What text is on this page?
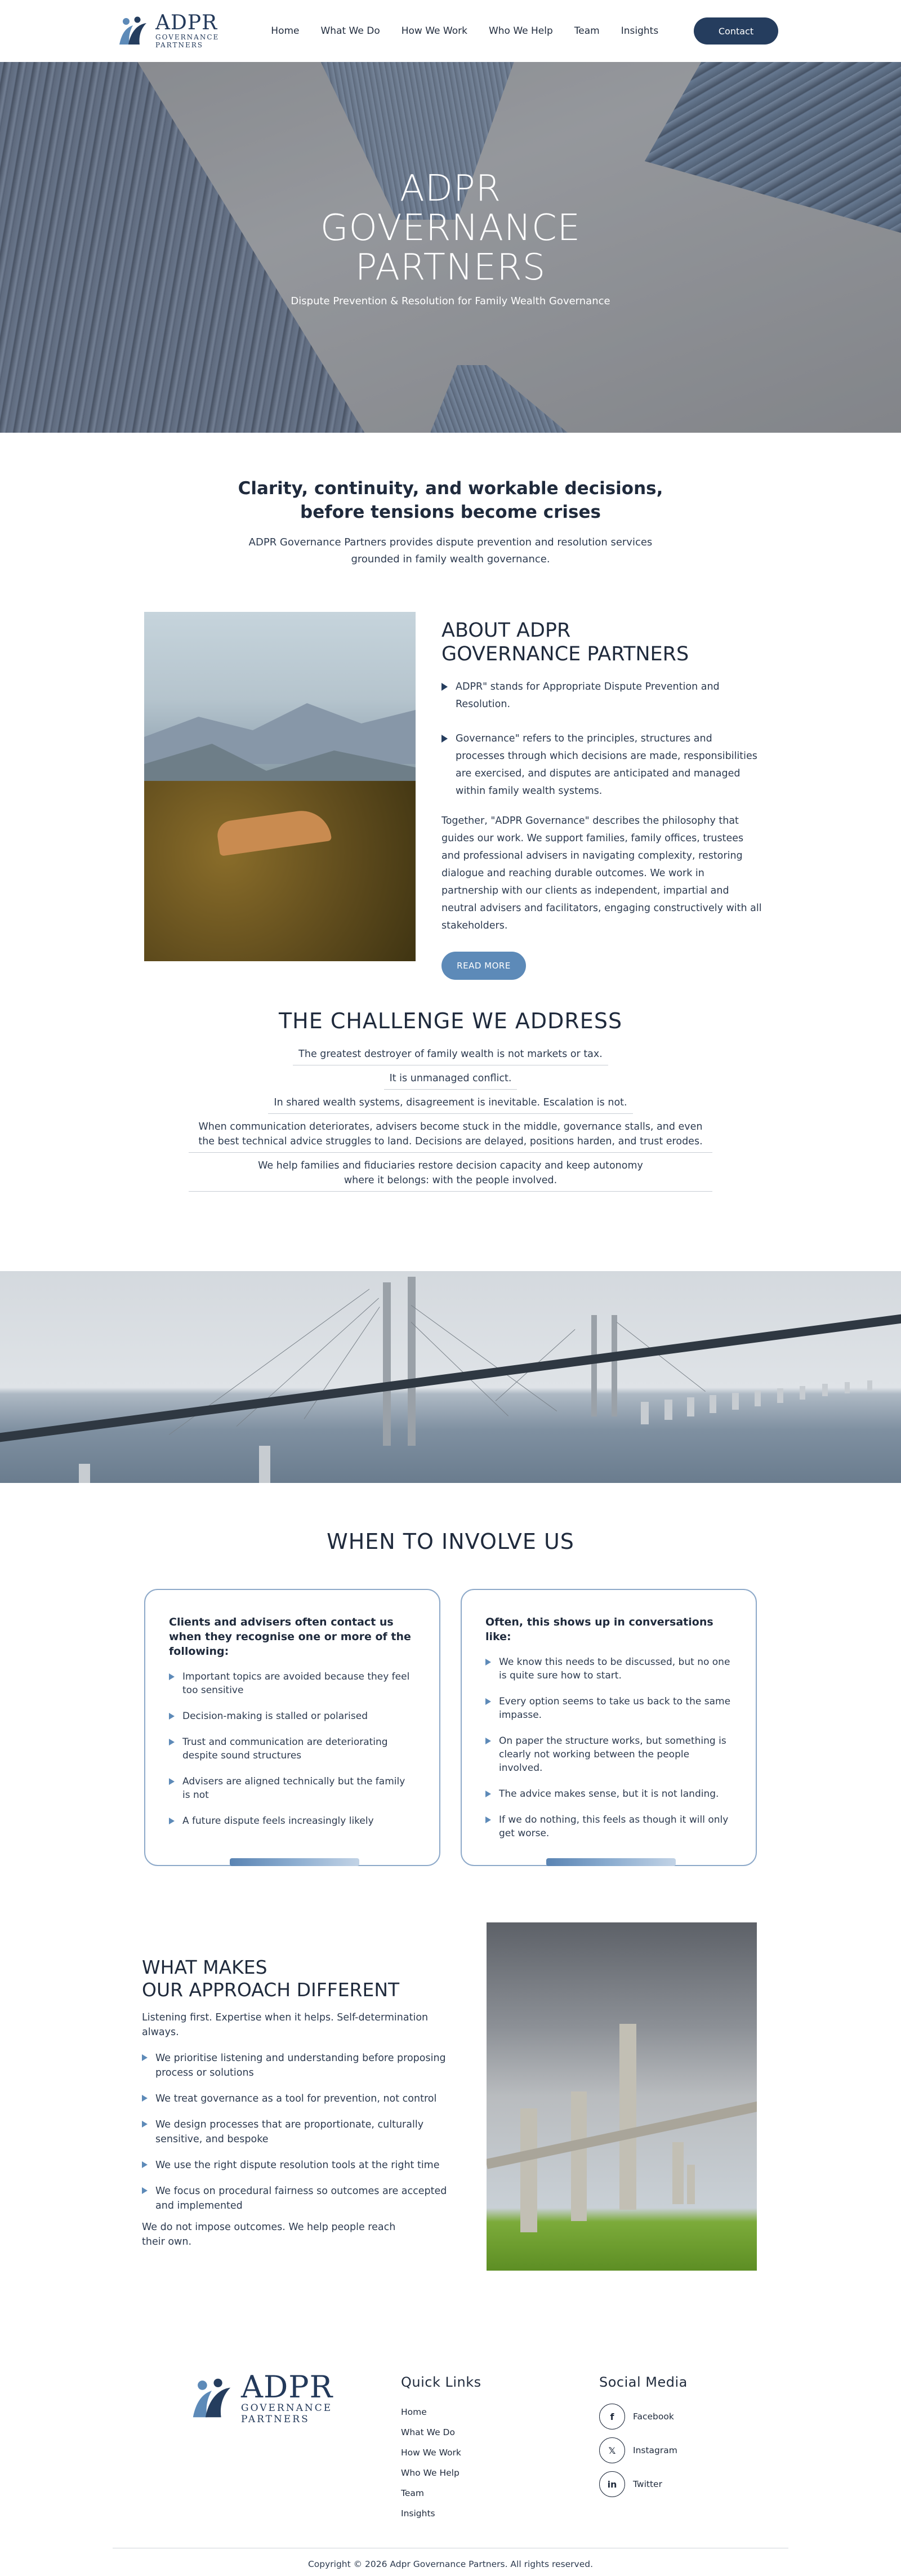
ADPR
GOVERNANCE
PARTNERS
Home What We Do How We Work Who We Help Team Insights	Contact
ADPR
GOVERNANCE
PARTNERS

Dispute Prevention & Resolution for Family Wealth Governance

Clarity, continuity, and workable decisions, before tensions become crises

ADPR Governance Partners provides dispute prevention and resolution services grounded in family wealth governance.

ABOUT ADPR
GOVERNANCE PARTNERS
ADPR" stands for Appropriate Dispute Prevention and Resolution.
Governance" refers to the principles, structures and processes through which decisions are made, responsibilities are exercised, and disputes are anticipated and managed within family wealth systems.

Together, "ADPR Governance" describes the philosophy that guides our work. We support families, family offices, trustees and professional advisers in navigating complexity, restoring dialogue and reaching durable outcomes. We work in partnership with our clients as independent, impartial and neutral advisers and facilitators, engaging constructively with all stakeholders.

READ MORE
THE CHALLENGE WE ADDRESS
The greatest destroyer of family wealth is not markets or tax.
It is unmanaged conflict.
In shared wealth systems, disagreement is inevitable. Escalation is not.
When communication deteriorates, advisers become stuck in the middle, governance stalls, and even the best technical advice struggles to land. Decisions are delayed, positions harden, and trust erodes.
We help families and fiduciaries restore decision capacity and keep autonomy where it belongs: with the people involved.
WHEN TO INVOLVE US
Clients and advisers often contact us when they recognise one or more of the following:
Important topics are avoided because they feel too sensitive
Decision-making is stalled or polarised
Trust and communication are deteriorating despite sound structures
Advisers are aligned technically but the family is not
A future dispute feels increasingly likely
Often, this shows up in conversations like:
We know this needs to be discussed, but no one is quite sure how to start.
Every option seems to take us back to the same impasse.
On paper the structure works, but something is clearly not working between the people involved.
The advice makes sense, but it is not landing.
If we do nothing, this feels as though it will only get worse.
WHAT MAKES
OUR APPROACH DIFFERENT

Listening first. Expertise when it helps. Self-determination always.

We prioritise listening and understanding before proposing process or solutions
We treat governance as a tool for prevention, not control
We design processes that are proportionate, culturally sensitive, and bespoke
We use the right dispute resolution tools at the right time
We focus on procedural fairness so outcomes are accepted and implemented

We do not impose outcomes. We help people reach their own.

ADPR
GOVERNANCE
PARTNERS
Quick Links
Home
What We Do
How We Work
Who We Help
Team
Insights
Social Media
f	Facebook
𝕏	Instagram
in	Twitter
Copyright © 2026 Adpr Governance Partners. All rights reserved.
